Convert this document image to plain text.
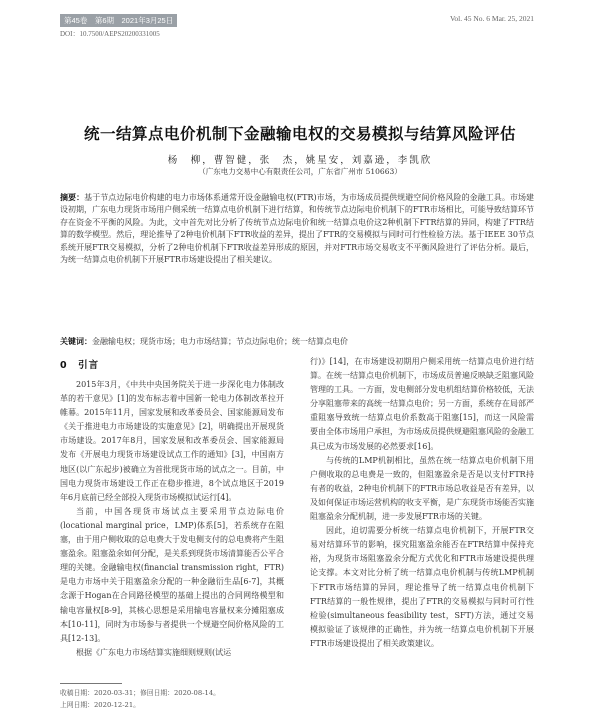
第45卷　第6期　2021年3月25日	Vol. 45 No. 6 Mar. 25, 2021
DOI：10.7500/AEPS20200331005
统一结算点电价机制下金融输电权的交易模拟与结算风险评估
杨　柳，曹智健，张　杰，姚星安，刘嘉逊，李凯欣
（广东电力交易中心有限责任公司，广东省广州市 510663）
摘要：基于节点边际电价构建的电力市场体系通常开设金融输电权(FTR)市场，为市场成员提供规避空间价格风险的金融工具。市场建设初期，广东电力现货市场用户侧采统一结算点电价机制下进行结算，和传统节点边际电价机制下的FTR市场相比，可能导致结算环节存在资金不平衡的风险。为此，文中首先对比分析了传统节点边际电价和统一结算点电价这2种机制下FTR结算的异同，构建了FTR结算的数学模型。然后，理论推导了2种电价机制下FTR收益的差异，提出了FTR的交易模拟与同时可行性检验方法。基于IEEE 30节点系统开展FTR交易模拟，分析了2种电价机制下FTR收益差异形成的原因，并对FTR市场交易收支不平衡风险进行了评估分析。最后，为统一结算点电价机制下开展FTR市场建设提出了相关建议。
关键词：金融输电权；现货市场；电力市场结算；节点边际电价；统一结算点电价
0　引言

2015年3月，《中共中央国务院关于进一步深化电力体制改革的若干意见》[1]的发布标志着中国新一轮电力体制改革拉开帷幕。2015年11月，国家发展和改革委员会、国家能源局发布《关于推进电力市场建设的实施意见》[2]，明确提出开展现货市场建设。2017年8月，国家发展和改革委员会、国家能源局发布《开展电力现货市场建设试点工作的通知》[3]，中国南方地区(以广东起步)被确立为首批现货市场的试点之一。目前，中国电力现货市场建设工作正在稳步推进，8个试点地区于2019年6月底前已经全部投入现货市场模拟试运行[4]。

当前，中国各现货市场试点主要采用节点边际电价(locational marginal price，LMP)体系[5]，若系统存在阻塞，由于用户侧收取的总电费大于发电侧支付的总电费将产生阻塞盈余。阻塞盈余如何分配，是关系到现货市场清算能否公平合理的关键。金融输电权(financial transmission right，FTR)是电力市场中关于阻塞盈余分配的一种金融衍生品[6-7]，其概念源于Hogan在合同路径模型的基础上提出的合同网络模型和输电容量权[8-9]，其核心思想是采用输电容量权来分摊阻塞成本[10-11]，同时为市场参与者提供一个规避空间价格风险的工具[12-13]。

根据《广东电力市场结算实施细则规则(试运

行)》[14]，在市场建设初期用户侧采用统一结算点电价进行结算。在统一结算点电价机制下，市场成员普遍反映缺乏阻塞风险管理的工具。一方面，发电侧部分发电机组结算价格较低，无法分享阻塞带来的高统一结算点电价；另一方面，系统存在局部严重阻塞导致统一结算点电价系数高于阻塞[15]，而这一风险需要由全体市场用户承担，为市场成员提供规避阻塞风险的金融工具已成为市场发展的必然要求[16]。

与传统的LMP机制相比，虽然在统一结算点电价机制下用户侧收取的总电费是一致的，但阻塞盈余是否是以支付FTR持有者的收益，2种电价机制下的FTR市场总收益是否有差异，以及如何保证市场运营机构的收支平衡，是广东现货市场能否实施阻塞盈余分配机制，进一步发展FTR市场的关键。

因此，迫切需要分析统一结算点电价机制下，开展FTR交易对结算环节的影响，探究阻塞盈余能否在FTR结算中保持充裕，为现货市场阻塞盈余分配方式优化和FTR市场建设提供理论支撑。本文对比分析了统一结算点电价机制与传统LMP机制下FTR市场结算的异同，理论推导了统一结算点电价机制下FTR结算的一般性规律，提出了FTR的交易模拟与同时可行性检验(simultaneous feasibility test，SFT)方法，通过交易模拟验证了该规律的正确性，并为统一结算点电价机制下开展FTR市场建设提出了相关政策建议。

收稿日期：2020-03-31；修回日期：2020-08-14。
上网日期：2020-12-21。
